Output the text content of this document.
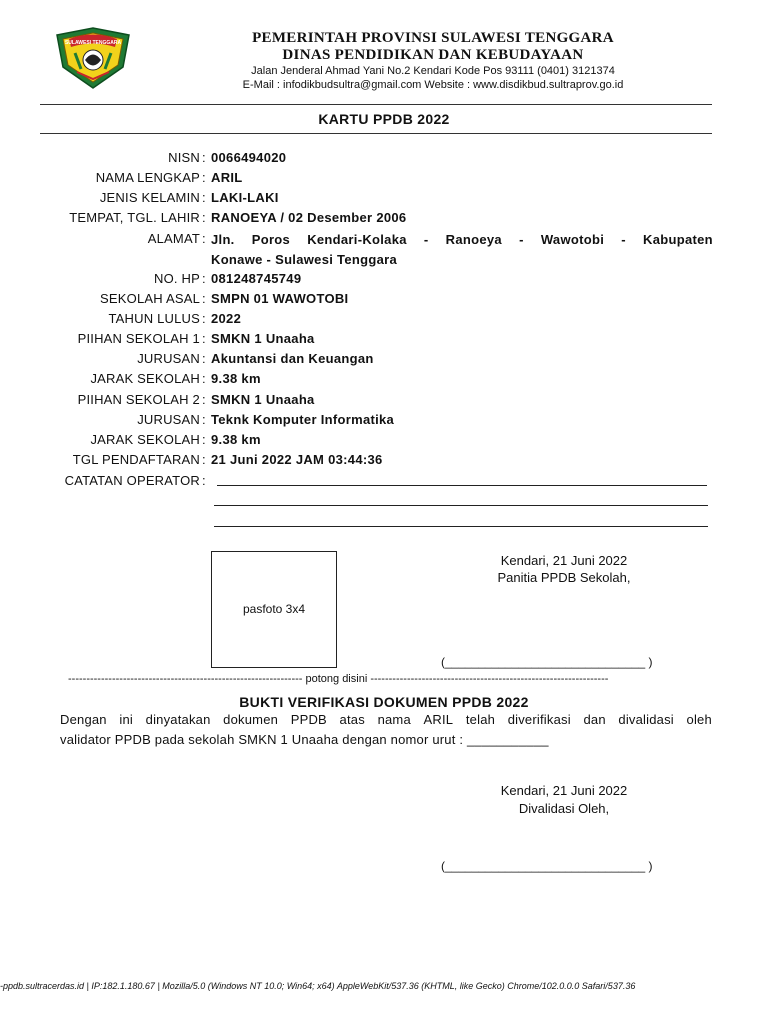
SULAWESI TENGGARA	PEMERINTAH PROVINSI SULAWESI TENGGARA
DINAS PENDIDIKAN DAN KEBUDAYAAN
Jalan Jenderal Ahmad Yani No.2 Kendari Kode Pos 93111 (0401) 3121374
E-Mail : infodikbudsultra@gmail.com Website : www.disdikbud.sultraprov.go.id
KARTU PPDB 2022
NISN : 0066494020
NAMA LENGKAP : ARIL
JENIS KELAMIN : LAKI-LAKI
TEMPAT, TGL. LAHIR : RANOEYA / 02 Desember 2006
ALAMAT : Jln. Poros Kendari-Kolaka - Ranoeya - Wawotobi - Kabupaten
Konawe - Sulawesi Tenggara
NO. HP : 081248745749
SEKOLAH ASAL : SMPN 01 WAWOTOBI
TAHUN LULUS : 2022
PIIHAN SEKOLAH 1 : SMKN 1 Unaaha
JURUSAN : Akuntansi dan Keuangan
JARAK SEKOLAH : 9.38 km
PIIHAN SEKOLAH 2 : SMKN 1 Unaaha
JURUSAN : Teknk Komputer Informatika
JARAK SEKOLAH : 9.38 km
TGL PENDAFTARAN : 21 Juni 2022 JAM 03:44:36
CATATAN OPERATOR :
pasfoto 3x4
Kendari, 21 Juni 2022
Panitia PPDB Sekolah,
(______________________________ )
---------------------------------------------------------------- potong disini -----------------------------------------------------------------
BUKTI VERIFIKASI DOKUMEN PPDB 2022
Dengan ini dinyatakan dokumen PPDB atas nama ARIL telah diverifikasi dan divalidasi oleh
validator PPDB pada sekolah SMKN 1 Unaaha dengan nomor urut : ___________
Kendari, 21 Juni 2022
Divalidasi Oleh,
(______________________________ )
-ppdb.sultracerdas.id | IP:182.1.180.67 | Mozilla/5.0 (Windows NT 10.0; Win64; x64) AppleWebKit/537.36 (KHTML, like Gecko) Chrome/102.0.0.0 Safari/537.36
